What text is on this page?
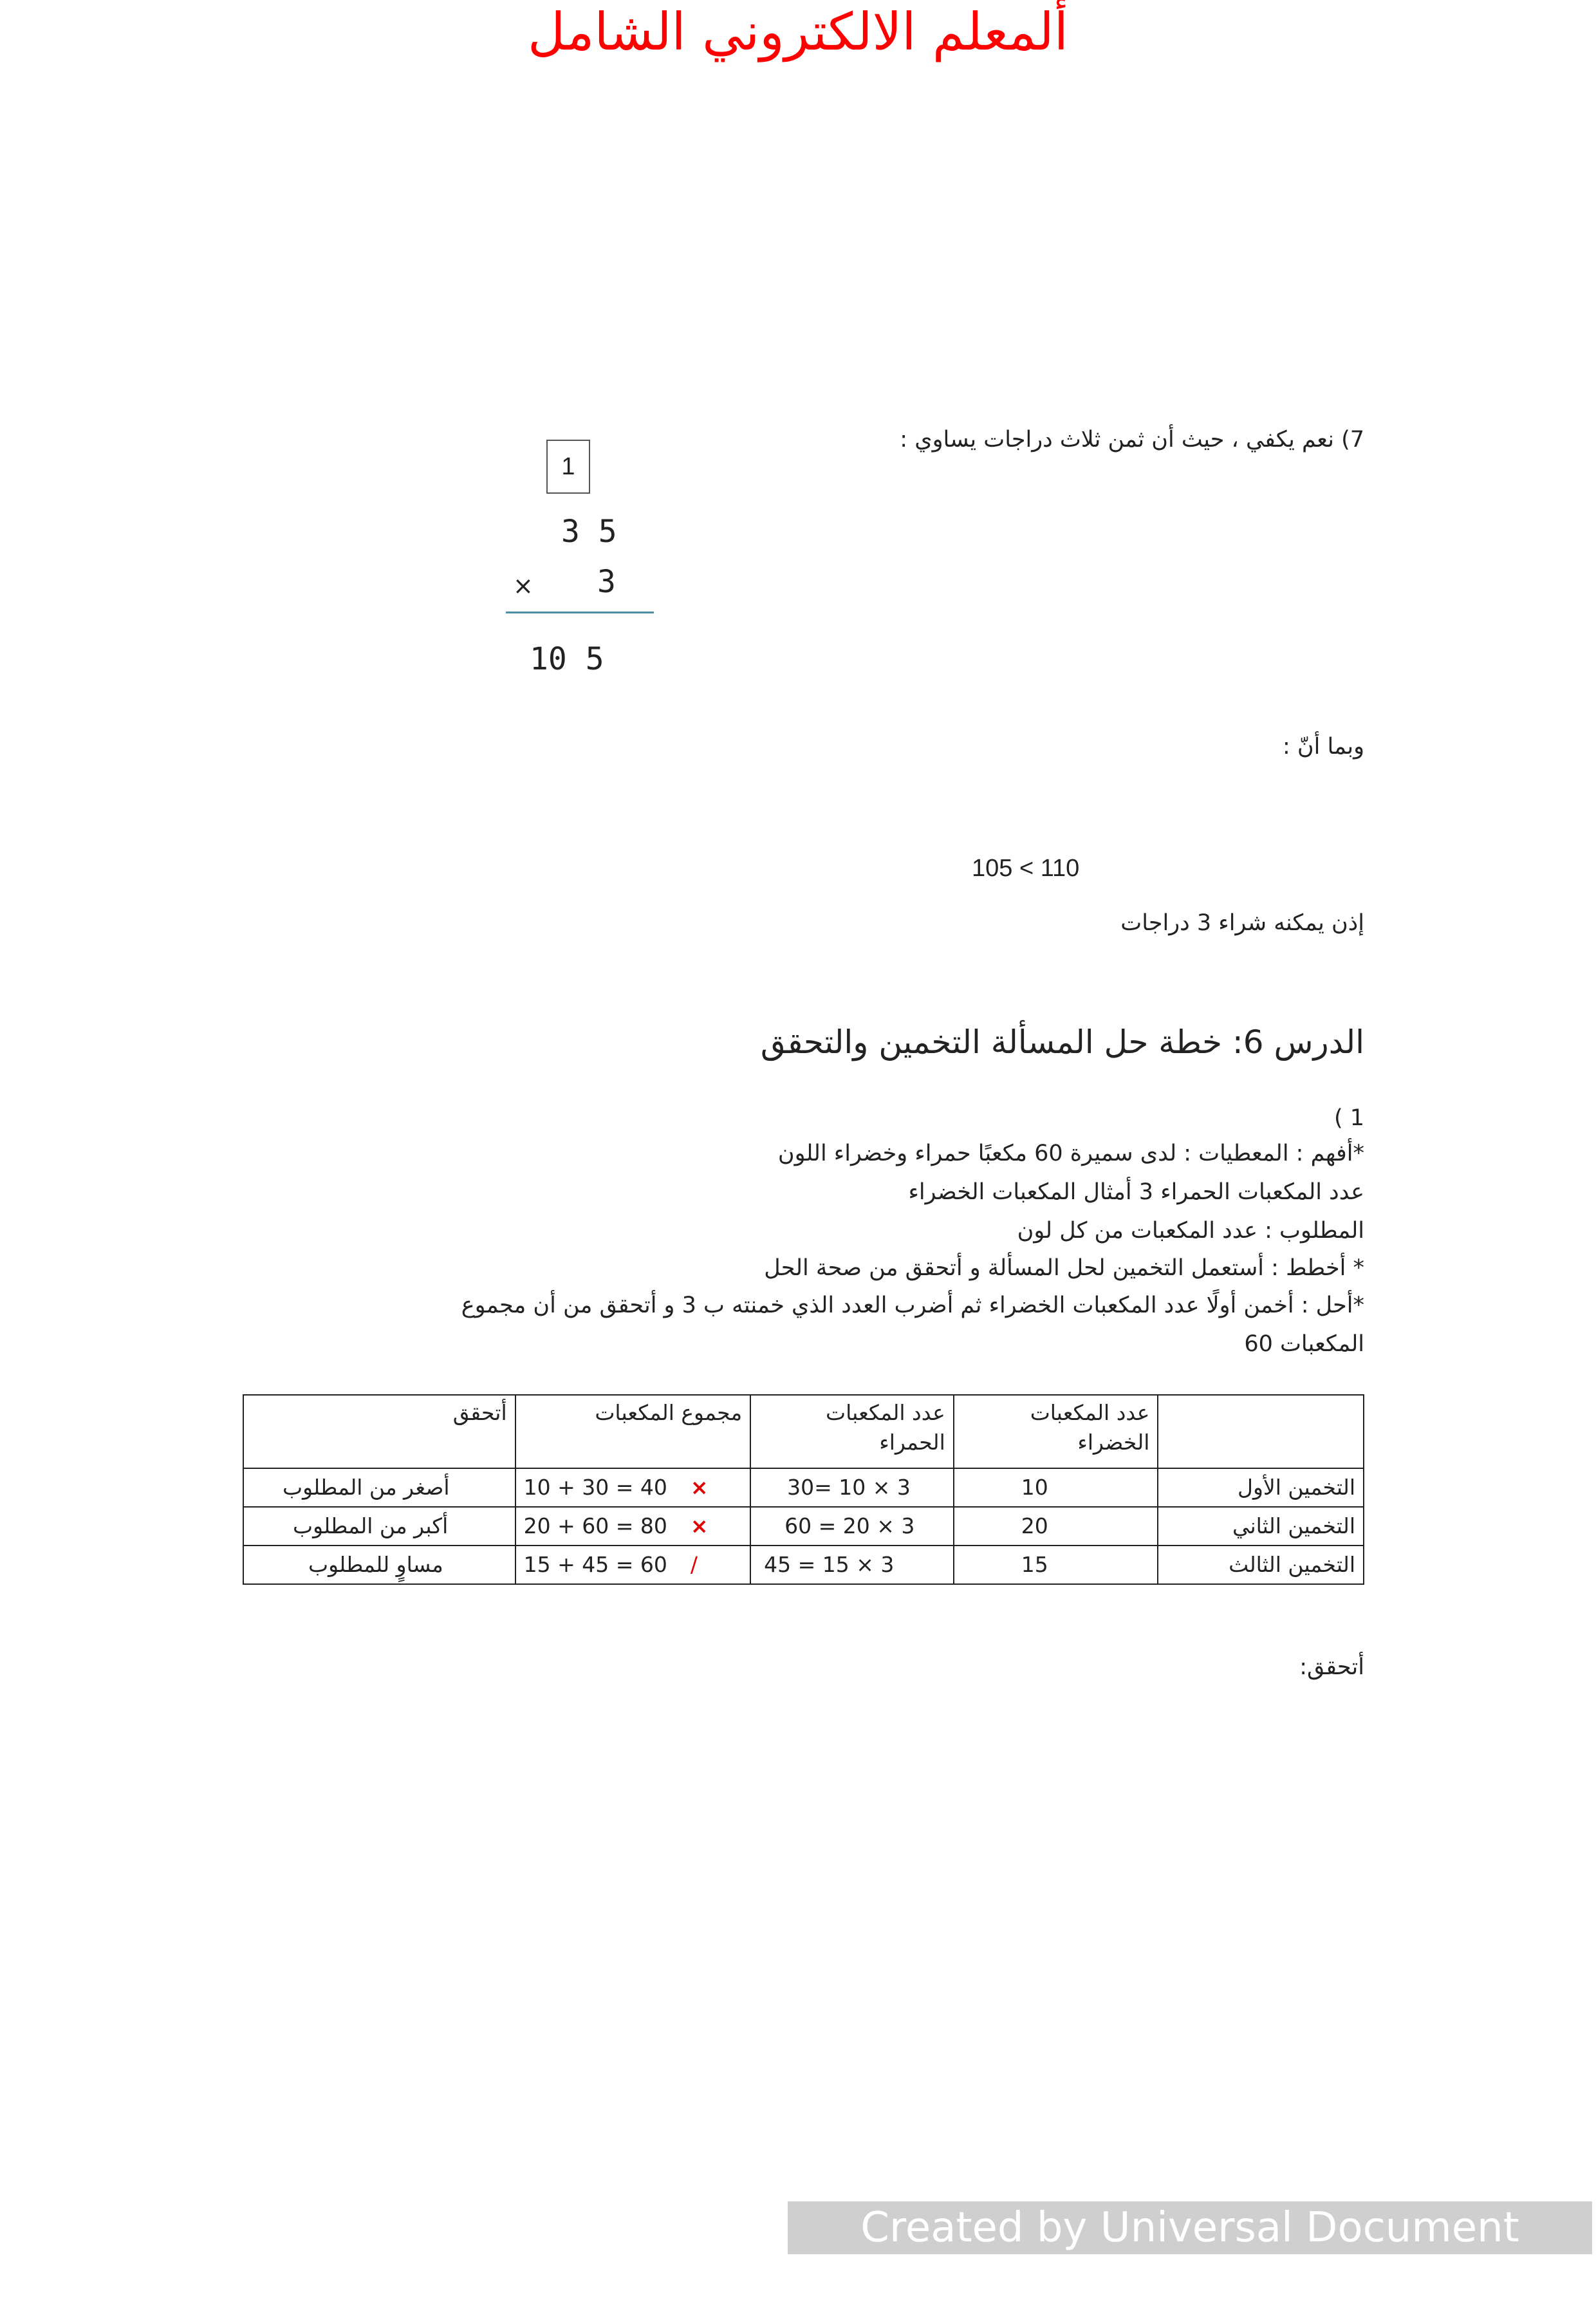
ألمعلم الالكتروني الشامل
7) نعم يكفي ، حيث أن ثمن ثلاث دراجات يساوي :
1
3 5
× 3
10 5
وبما أنّ :
105 < 110
إذن يمكنه شراء 3 دراجات
الدرس 6: خطة حل المسألة التخمين والتحقق
1 )
*أفهم : المعطيات : لدى سميرة 60 مكعبًا حمراء وخضراء اللون
عدد المكعبات الحمراء 3 أمثال المكعبات الخضراء
المطلوب : عدد المكعبات من كل لون
* أخطط : أستعمل التخمين لحل المسألة و أتحقق من صحة الحل
*أحل : أخمن أولًا عدد المكعبات الخضراء ثم أضرب العدد الذي خمنته ب 3 و أتحقق من أن مجموع
المكعبات 60
	عدد المكعبات الخضراء	عدد المكعبات الحمراء	مجموع المكعبات	أتحقق
التخمين الأول	10	30= 10 × 3	10 + 30 = 40 ×	أصغر من المطلوب
التخمين الثاني	20	60 = 20 × 3	20 + 60 = 80 ×	أكبر من المطلوب
التخمين الثالث	15	45 = 15 × 3	15 + 45 = 60 /	مساوٍ للمطلوب
أتحقق:
Created by Universal Document Converter
